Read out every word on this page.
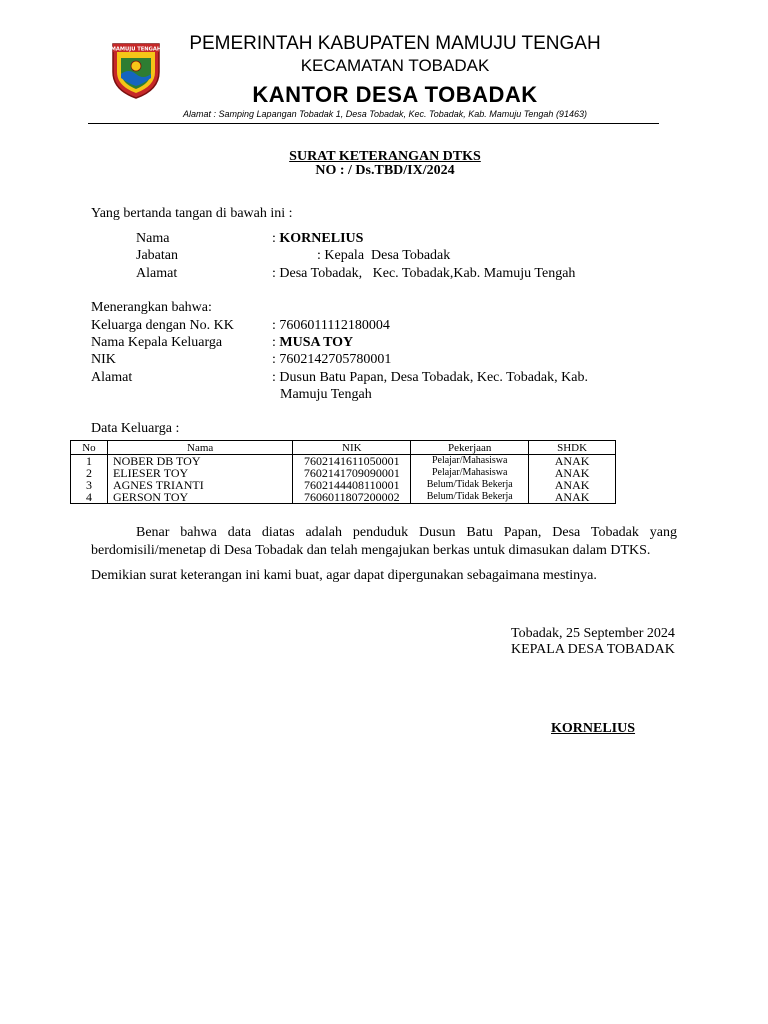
MAMUJU TENGAH	PEMERINTAH KABUPATEN MAMUJU TENGAH
KECAMATAN TOBADAK
KANTOR DESA TOBADAK
Alamat : Samping Lapangan Tobadak 1, Desa Tobadak, Kec. Tobadak, Kab. Mamuju Tengah (91463)
SURAT KETERANGAN DTKS
NO : / Ds.TBD/IX/2024
Yang bertanda tangan di bawah ini :
Nama	: KORNELIUS
Jabatan	: Kepala  Desa Tobadak
Alamat	: Desa Tobadak,   Kec. Tobadak,Kab. Mamuju Tengah
Menerangkan bahwa:
Keluarga dengan No. KK	: 7606011112180004
Nama Kepala Keluarga	: MUSA TOY
NIK	: 7602142705780001
Alamat	: Dusun Batu Papan, Desa Tobadak, Kec. Tobadak, Kab.
Mamuju Tengah
Data Keluarga :
No	Nama	NIK	Pekerjaan	SHDK
1	NOBER DB TOY	7602141611050001	Pelajar/Mahasiswa	ANAK
2	ELIESER TOY	7602141709090001	Pelajar/Mahasiswa	ANAK
3	AGNES TRIANTI	7602144408110001	Belum/Tidak Bekerja	ANAK
4	GERSON TOY	7606011807200002	Belum/Tidak Bekerja	ANAK
Benar bahwa data diatas adalah penduduk Dusun Batu Papan, Desa Tobadak yang berdomisili/menetap di Desa Tobadak dan telah mengajukan berkas untuk dimasukan dalam DTKS.
Demikian surat keterangan ini kami buat, agar dapat dipergunakan sebagaimana mestinya.
Tobadak, 25 September 2024
KEPALA DESA TOBADAK
KORNELIUS
